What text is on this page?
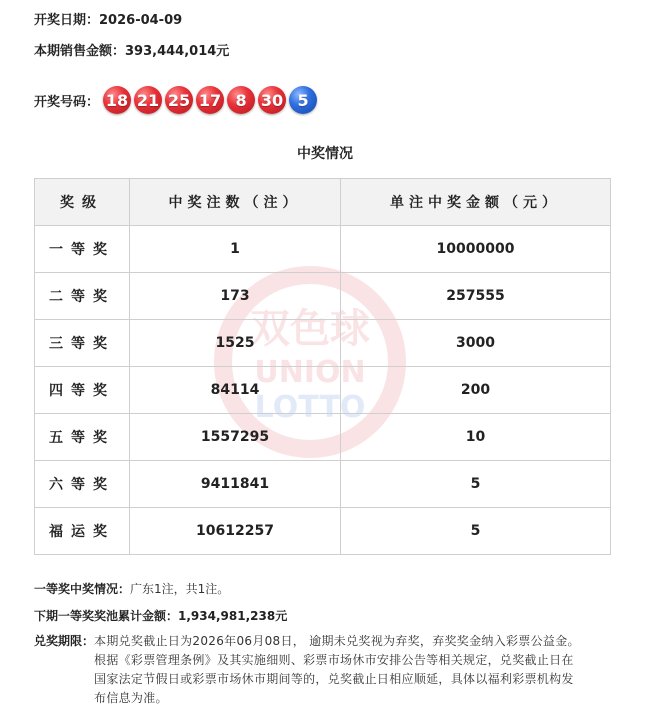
开奖日期：2026-04-09
本期销售金额：393,444,014元
开奖号码： 18 21 25 17 8 30 5
中奖情况
双色球
UNION
LOTTO
奖级	中奖注数（注）	单注中奖金额（元）
一等奖	1	10000000
二等奖	173	257555
三等奖	1525	3000
四等奖	84114	200
五等奖	1557295	10
六等奖	9411841	5
福运奖	10612257	5
一等奖中奖情况：广东1注，共1注。
下期一等奖奖池累计金额：1,934,981,238元
兑奖期限： 本期兑奖截止日为2026年06月08日， 逾期未兑奖视为弃奖，弃奖奖金纳入彩票公益金。根据《彩票管理条例》及其实施细则、彩票市场休市安排公告等相关规定，兑奖截止日在国家法定节假日或彩票市场休市期间等的，兑奖截止日相应顺延，具体以福利彩票机构发布信息为准。
